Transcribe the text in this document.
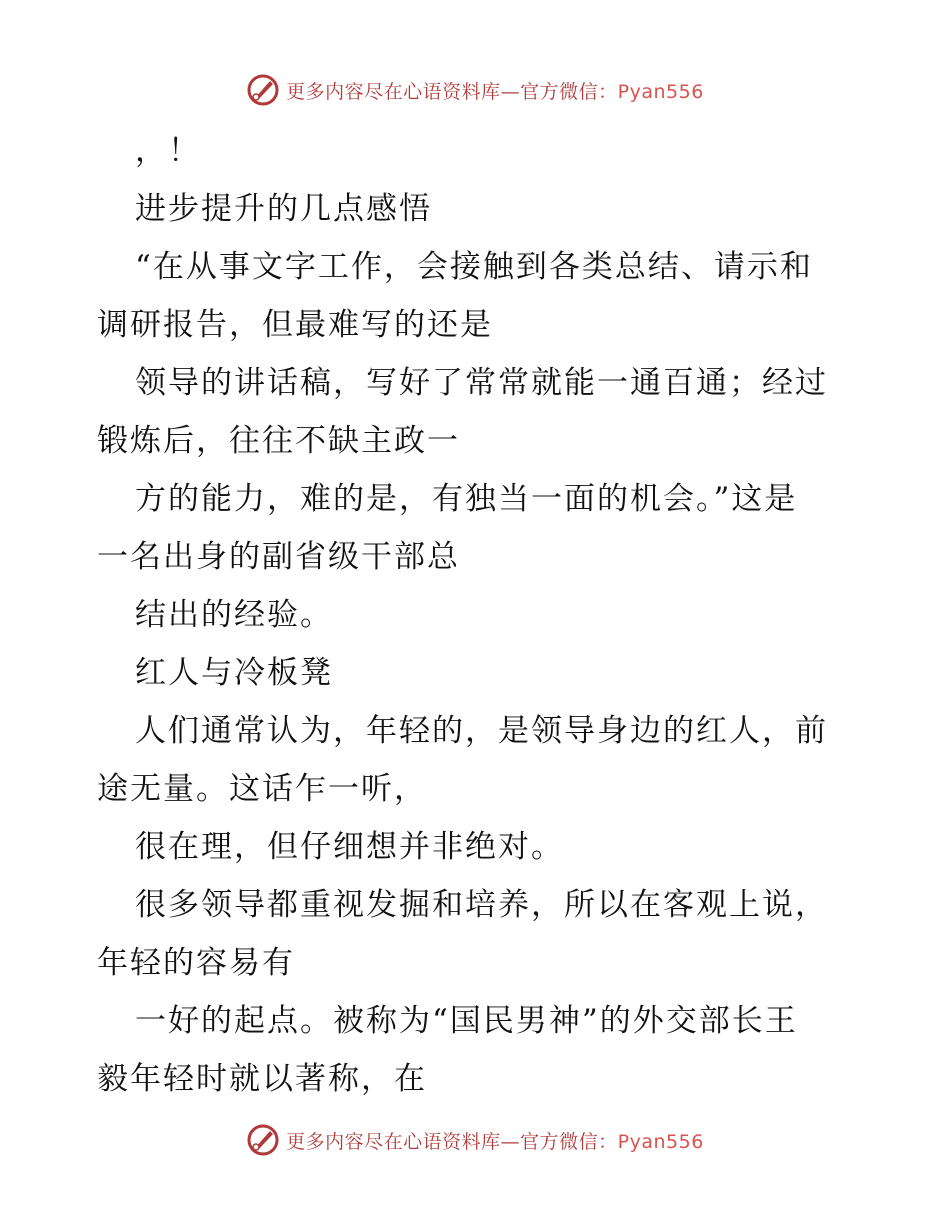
更多内容尽在心语资料库—官方微信：Pyan556
，！
进步提升的几点感悟
“在从事文字工作，会接触到各类总结、请示和
调研报告，但最难写的还是
领导的讲话稿，写好了常常就能一通百通；经过
锻炼后，往往不缺主政一
方的能力，难的是，有独当一面的机会。”这是
一名出身的副省级干部总
结出的经验。
红人与冷板凳
人们通常认为，年轻的，是领导身边的红人，前
途无量。这话乍一听，
很在理，但仔细想并非绝对。
很多领导都重视发掘和培养，所以在客观上说，
年轻的容易有
一好的起点。被称为“国民男神”的外交部长王
毅年轻时就以著称，在
更多内容尽在心语资料库—官方微信：Pyan556
